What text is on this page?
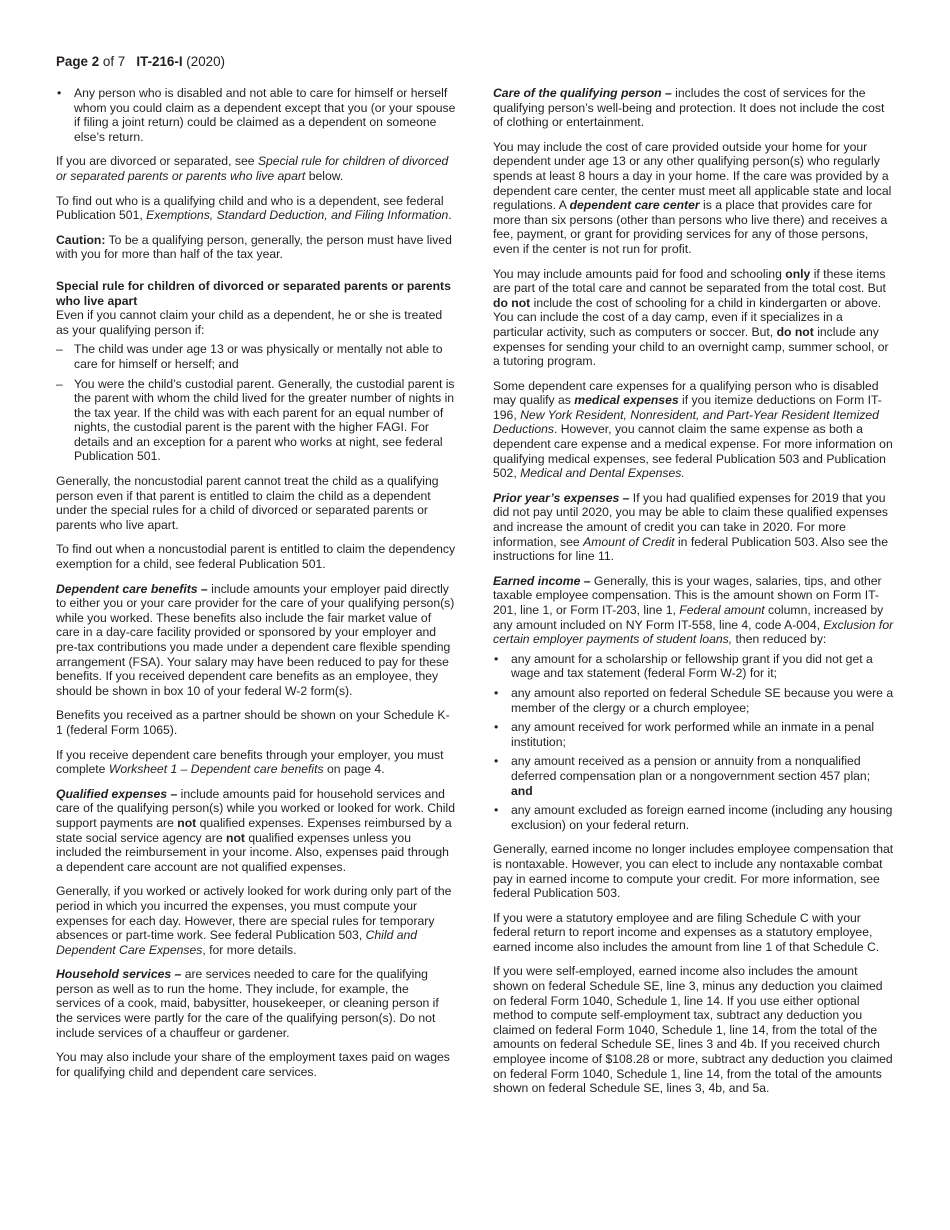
Page 2 of 7 IT-216-I (2020)
• Any person who is disabled and not able to care for himself or herself whom you could claim as a dependent except that you (or your spouse if filing a joint return) could be claimed as a dependent on someone else’s return.

If you are divorced or separated, see Special rule for children of divorced or separated parents or parents who live apart below.

To find out who is a qualifying child and who is a dependent, see federal Publication 501, Exemptions, Standard Deduction, and Filing Information.

Caution: To be a qualifying person, generally, the person must have lived with you for more than half of the tax year.

Special rule for children of divorced or separated parents or parents who live apart

Even if you cannot claim your child as a dependent, he or she is treated as your qualifying person if:

– The child was under age 13 or was physically or mentally not able to care for himself or herself; and
– You were the child’s custodial parent. Generally, the custodial parent is the parent with whom the child lived for the greater number of nights in the tax year. If the child was with each parent for an equal number of nights, the custodial parent is the parent with the higher FAGI. For details and an exception for a parent who works at night, see federal Publication 501.

Generally, the noncustodial parent cannot treat the child as a qualifying person even if that parent is entitled to claim the child as a dependent under the special rules for a child of divorced or separated parents or parents who live apart.

To find out when a noncustodial parent is entitled to claim the dependency exemption for a child, see federal Publication 501.

Dependent care benefits – include amounts your employer paid directly to either you or your care provider for the care of your qualifying person(s) while you worked. These benefits also include the fair market value of care in a day-care facility provided or sponsored by your employer and pre-tax contributions you made under a dependent care flexible spending arrangement (FSA). Your salary may have been reduced to pay for these benefits. If you received dependent care benefits as an employee, they should be shown in box 10 of your federal W-2 form(s).

Benefits you received as a partner should be shown on your Schedule K-1 (federal Form 1065).

If you receive dependent care benefits through your employer, you must complete Worksheet 1 – Dependent care benefits on page 4.

Qualified expenses – include amounts paid for household services and care of the qualifying person(s) while you worked or looked for work. Child support payments are not qualified expenses. Expenses reimbursed by a state social service agency are not qualified expenses unless you included the reimbursement in your income. Also, expenses paid through a dependent care account are not qualified expenses.

Generally, if you worked or actively looked for work during only part of the period in which you incurred the expenses, you must compute your expenses for each day. However, there are special rules for temporary absences or part-time work. See federal Publication 503, Child and Dependent Care Expenses, for more details.

Household services – are services needed to care for the qualifying person as well as to run the home. They include, for example, the services of a cook, maid, babysitter, housekeeper, or cleaning person if the services were partly for the care of the qualifying person(s). Do not include services of a chauffeur or gardener.

You may also include your share of the employment taxes paid on wages for qualifying child and dependent care services.

Care of the qualifying person – includes the cost of services for the qualifying person’s well-being and protection. It does not include the cost of clothing or entertainment.

You may include the cost of care provided outside your home for your dependent under age 13 or any other qualifying person(s) who regularly spends at least 8 hours a day in your home. If the care was provided by a dependent care center, the center must meet all applicable state and local regulations. A dependent care center is a place that provides care for more than six persons (other than persons who live there) and receives a fee, payment, or grant for providing services for any of those persons, even if the center is not run for profit.

You may include amounts paid for food and schooling only if these items are part of the total care and cannot be separated from the total cost. But do not include the cost of schooling for a child in kindergarten or above. You can include the cost of a day camp, even if it specializes in a particular activity, such as computers or soccer. But, do not include any expenses for sending your child to an overnight camp, summer school, or a tutoring program.

Some dependent care expenses for a qualifying person who is disabled may qualify as medical expenses if you itemize deductions on Form IT-196, New York Resident, Nonresident, and Part-Year Resident Itemized Deductions. However, you cannot claim the same expense as both a dependent care expense and a medical expense. For more information on qualifying medical expenses, see federal Publication 503 and Publication 502, Medical and Dental Expenses.

Prior year’s expenses – If you had qualified expenses for 2019 that you did not pay until 2020, you may be able to claim these qualified expenses and increase the amount of credit you can take in 2020. For more information, see Amount of Credit in federal Publication 503. Also see the instructions for line 11.

Earned income – Generally, this is your wages, salaries, tips, and other taxable employee compensation. This is the amount shown on Form IT-201, line 1, or Form IT-203, line 1, Federal amount column, increased by any amount included on NY Form IT-558, line 4, code A-004, Exclusion for certain employer payments of student loans, then reduced by:

• any amount for a scholarship or fellowship grant if you did not get a wage and tax statement (federal Form W-2) for it;
• any amount also reported on federal Schedule SE because you were a member of the clergy or a church employee;
• any amount received for work performed while an inmate in a penal institution;
• any amount received as a pension or annuity from a nonqualified deferred compensation plan or a nongovernment section 457 plan; and
• any amount excluded as foreign earned income (including any housing exclusion) on your federal return.

Generally, earned income no longer includes employee compensation that is nontaxable. However, you can elect to include any nontaxable combat pay in earned income to compute your credit. For more information, see federal Publication 503.

If you were a statutory employee and are filing Schedule C with your federal return to report income and expenses as a statutory employee, earned income also includes the amount from line 1 of that Schedule C.

If you were self-employed, earned income also includes the amount shown on federal Schedule SE, line 3, minus any deduction you claimed on federal Form 1040, Schedule 1, line 14. If you use either optional method to compute self-employment tax, subtract any deduction you claimed on federal Form 1040, Schedule 1, line 14, from the total of the amounts on federal Schedule SE, lines 3 and 4b. If you received church employee income of $108.28 or more, subtract any deduction you claimed on federal Form 1040, Schedule 1, line 14, from the total of the amounts shown on federal Schedule SE, lines 3, 4b, and 5a.
